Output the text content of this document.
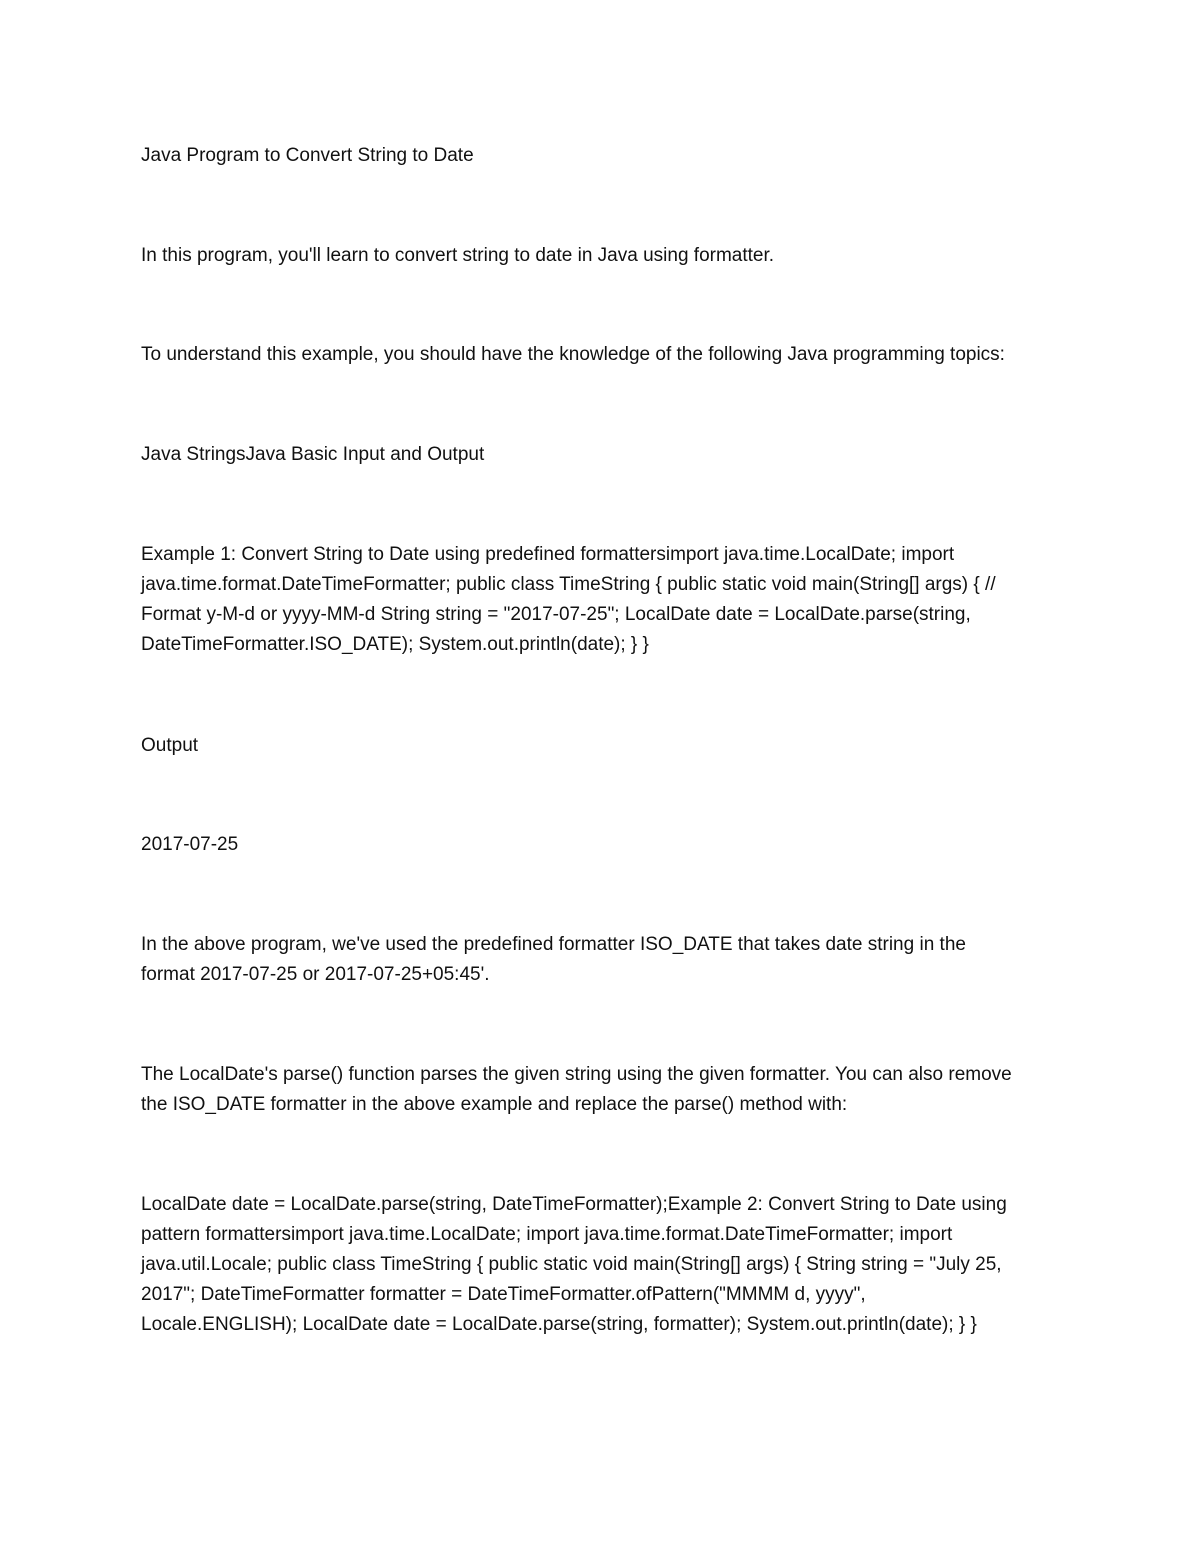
Java Program to Convert String to Date

In this program, you'll learn to convert string to date in Java using formatter.

To understand this example, you should have the knowledge of the following Java programming topics:

Java StringsJava Basic Input and Output

Example 1: Convert String to Date using predefined formattersimport java.time.LocalDate; import
java.time.format.DateTimeFormatter; public class TimeString { public static void main(String[] args) { //
Format y-M-d or yyyy-MM-d String string = "2017-07-25"; LocalDate date = LocalDate.parse(string,
DateTimeFormatter.ISO_DATE); System.out.println(date); } }

Output

2017-07-25

In the above program, we've used the predefined formatter ISO_DATE that takes date string in the
format 2017-07-25 or 2017-07-25+05:45'.

The LocalDate's parse() function parses the given string using the given formatter. You can also remove
the ISO_DATE formatter in the above example and replace the parse() method with:

LocalDate date = LocalDate.parse(string, DateTimeFormatter);Example 2: Convert String to Date using
pattern formattersimport java.time.LocalDate; import java.time.format.DateTimeFormatter; import
java.util.Locale; public class TimeString { public static void main(String[] args) { String string = "July 25,
2017"; DateTimeFormatter formatter = DateTimeFormatter.ofPattern("MMMM d, yyyy",
Locale.ENGLISH); LocalDate date = LocalDate.parse(string, formatter); System.out.println(date); } }
